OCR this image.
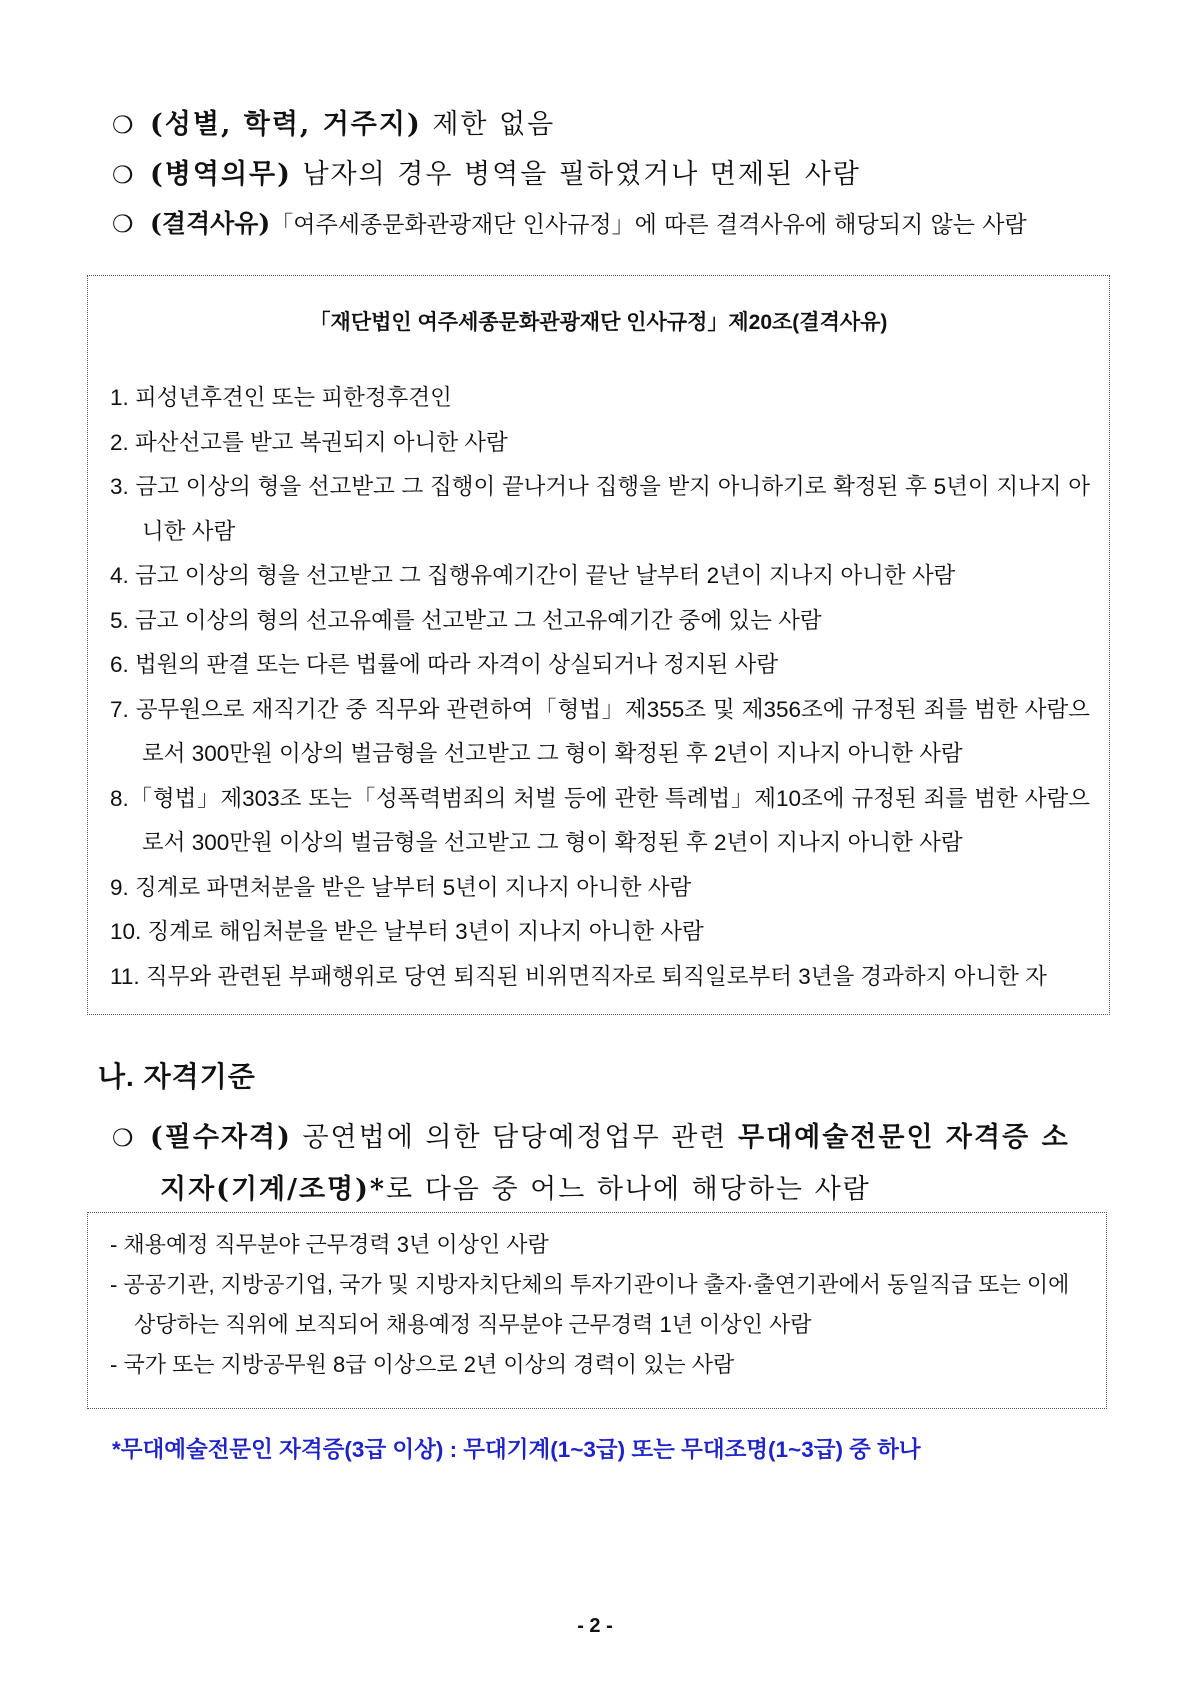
❍ (성별, 학력, 거주지) 제한 없음
❍ (병역의무) 남자의 경우 병역을 필하였거나 면제된 사람
❍ (결격사유)「여주세종문화관광재단 인사규정」에 따른 결격사유에 해당되지 않는 사람
「재단법인 여주세종문화관광재단 인사규정」제20조(결격사유)
1. 피성년후견인 또는 피한정후견인
2. 파산선고를 받고 복권되지 아니한 사람
3. 금고 이상의 형을 선고받고 그 집행이 끝나거나 집행을 받지 아니하기로 확정된 후 5년이 지나지 아니한 사람
4. 금고 이상의 형을 선고받고 그 집행유예기간이 끝난 날부터 2년이 지나지 아니한 사람
5. 금고 이상의 형의 선고유예를 선고받고 그 선고유예기간 중에 있는 사람
6. 법원의 판결 또는 다른 법률에 따라 자격이 상실되거나 정지된 사람
7. 공무원으로 재직기간 중 직무와 관련하여「형법」제355조 및 제356조에 규정된 죄를 범한 사람으로서 300만원 이상의 벌금형을 선고받고 그 형이 확정된 후 2년이 지나지 아니한 사람
8.「형법」제303조 또는「성폭력범죄의 처벌 등에 관한 특례법」제10조에 규정된 죄를 범한 사람으로서 300만원 이상의 벌금형을 선고받고 그 형이 확정된 후 2년이 지나지 아니한 사람
9. 징계로 파면처분을 받은 날부터 5년이 지나지 아니한 사람
10. 징계로 해임처분을 받은 날부터 3년이 지나지 아니한 사람
11. 직무와 관련된 부패행위로 당연 퇴직된 비위면직자로 퇴직일로부터 3년을 경과하지 아니한 자
나. 자격기준
❍ (필수자격) 공연법에 의한 담당예정업무 관련 무대예술전문인 자격증 소
지자(기계/조명)*로 다음 중 어느 하나에 해당하는 사람
- 채용예정 직무분야 근무경력 3년 이상인 사람
- 공공기관, 지방공기업, 국가 및 지방자치단체의 투자기관이나 출자·출연기관에서 동일직급 또는 이에 상당하는 직위에 보직되어 채용예정 직무분야 근무경력 1년 이상인 사람
- 국가 또는 지방공무원 8급 이상으로 2년 이상의 경력이 있는 사람
*무대예술전문인 자격증(3급 이상) : 무대기계(1~3급) 또는 무대조명(1~3급) 중 하나
- 2 -
